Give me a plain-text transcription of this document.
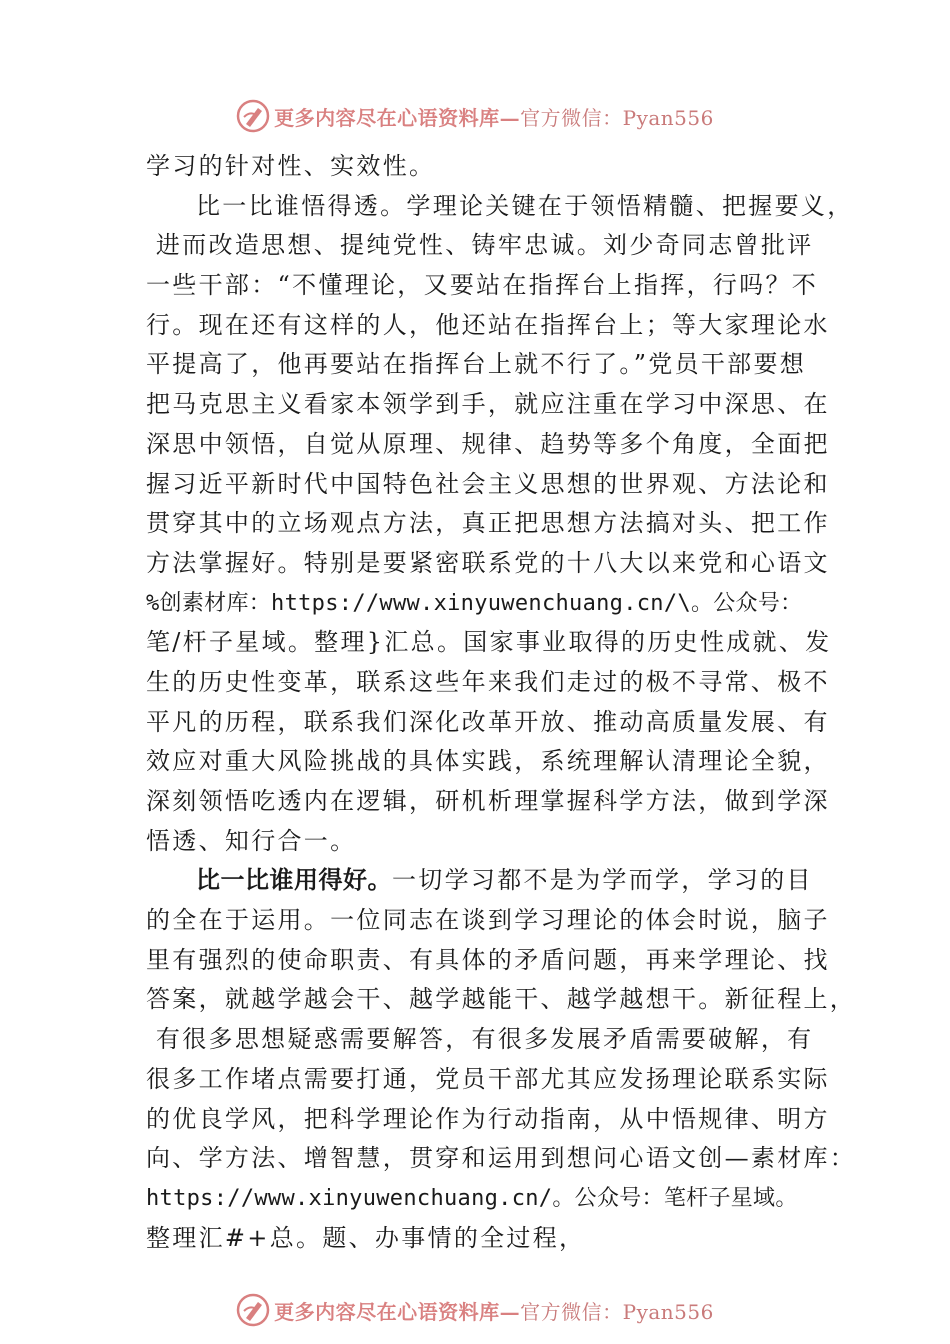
更多内容尽在心语资料库—官方微信：Pyan556
学习的针对性、实效性。
比一比谁悟得透。学理论关键在于领悟精髓、把握要义，
进而改造思想、提纯党性、铸牢忠诚。刘少奇同志曾批评
一些干部：“不懂理论，又要站在指挥台上指挥，行吗？不
行。现在还有这样的人，他还站在指挥台上；等大家理论水
平提高了，他再要站在指挥台上就不行了。”党员干部要想
把马克思主义看家本领学到手，就应注重在学习中深思、在
深思中领悟，自觉从原理、规律、趋势等多个角度，全面把
握习近平新时代中国特色社会主义思想的世界观、方法论和
贯穿其中的立场观点方法，真正把思想方法搞对头、把工作
方法掌握好。特别是要紧密联系党的十八大以来党和心语文
%创素材库：https://www.xinyuwenchuang.cn/\。公众号：
笔/杆子星域。整理}汇总。国家事业取得的历史性成就、发
生的历史性变革，联系这些年来我们走过的极不寻常、极不
平凡的历程，联系我们深化改革开放、推动高质量发展、有
效应对重大风险挑战的具体实践，系统理解认清理论全貌，
深刻领悟吃透内在逻辑，研机析理掌握科学方法，做到学深
悟透、知行合一。
比一比谁用得好。一切学习都不是为学而学，学习的目
的全在于运用。一位同志在谈到学习理论的体会时说，脑子
里有强烈的使命职责、有具体的矛盾问题，再来学理论、找
答案，就越学越会干、越学越能干、越学越想干。新征程上，
有很多思想疑惑需要解答，有很多发展矛盾需要破解，有
很多工作堵点需要打通，党员干部尤其应发扬理论联系实际
的优良学风，把科学理论作为行动指南，从中悟规律、明方
向、学方法、增智慧，贯穿和运用到想问心语文创—素材库：
https://www.xinyuwenchuang.cn/。公众号：笔杆子星域。
整理汇#+总。题、办事情的全过程，
更多内容尽在心语资料库—官方微信：Pyan556
